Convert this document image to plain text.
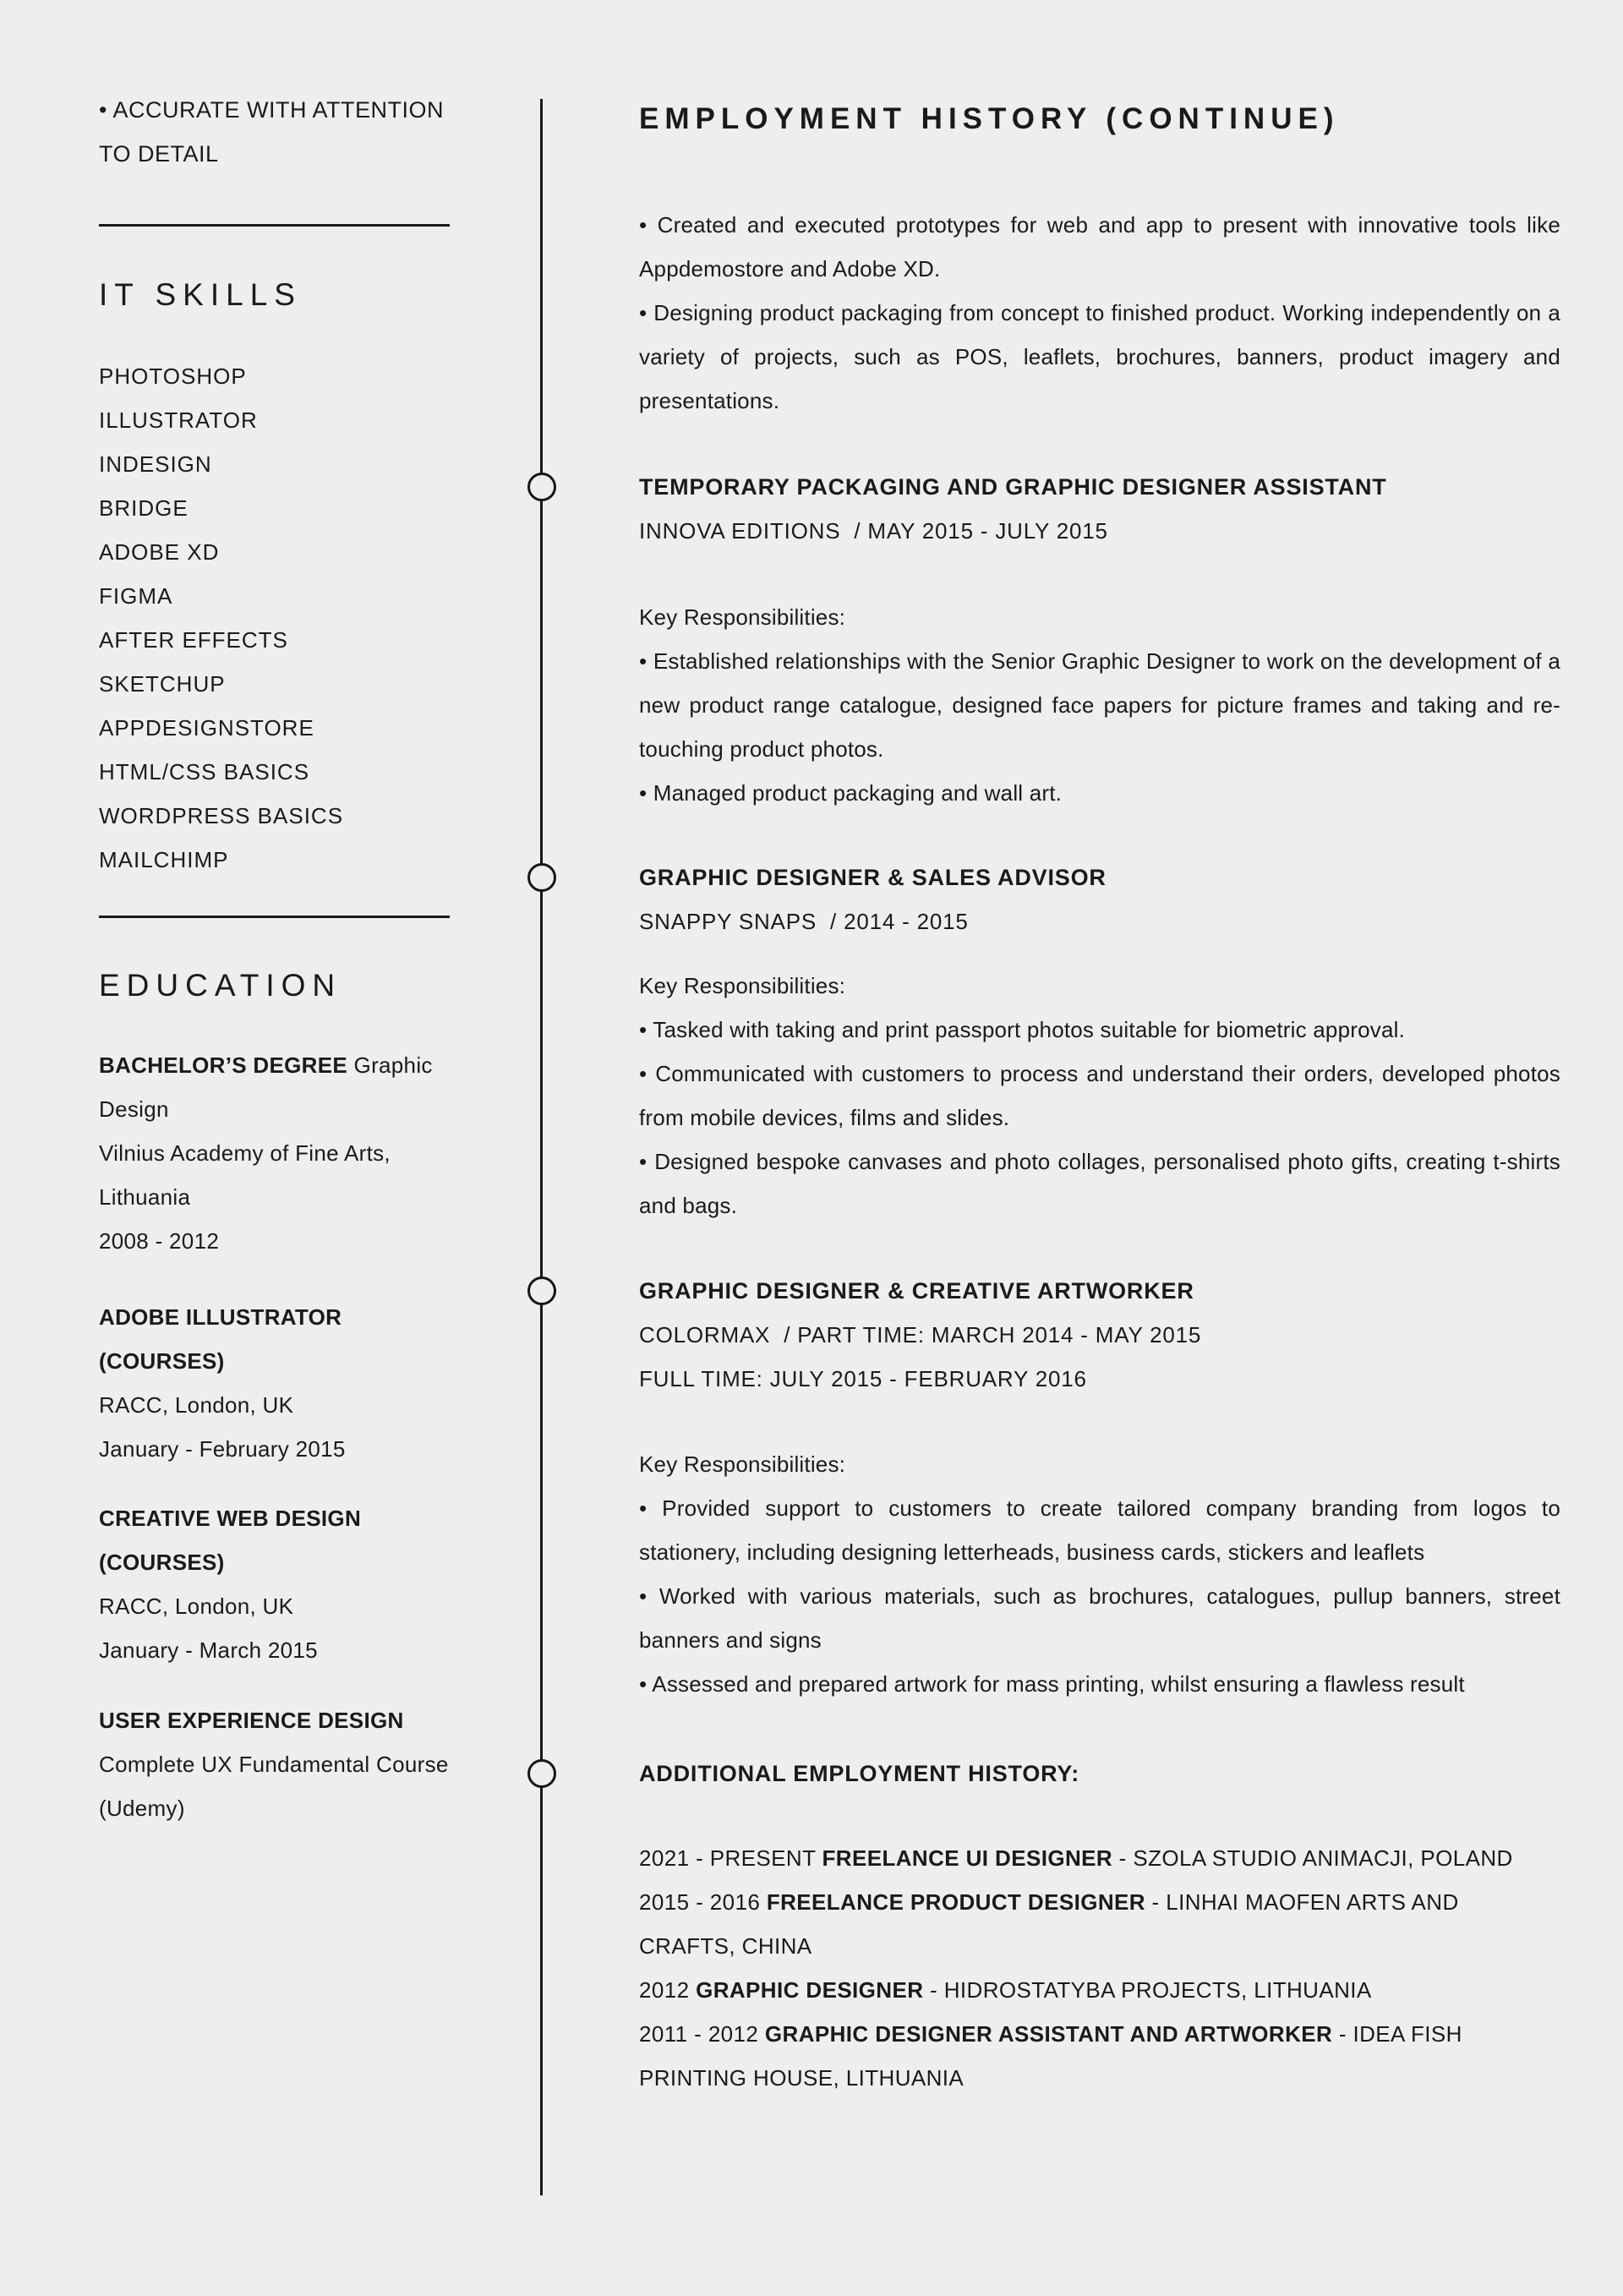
• ACCURATE WITH ATTENTION TO DETAIL
IT SKILLS
PHOTOSHOP
ILLUSTRATOR
INDESIGN
BRIDGE
ADOBE XD
FIGMA
AFTER EFFECTS
SKETCHUP
APPDESIGNSTORE
HTML/CSS BASICS
WORDPRESS BASICS
MAILCHIMP
EDUCATION
BACHELOR’S DEGREE Graphic Design
Vilnius Academy of Fine Arts, Lithuania
2008 - 2012
ADOBE ILLUSTRATOR (COURSES)
RACC, London, UK
January - February 2015
CREATIVE WEB DESIGN (COURSES)
RACC, London, UK
January - March 2015
USER EXPERIENCE DESIGN
Complete UX Fundamental Course (Udemy)
EMPLOYMENT HISTORY (CONTINUE)

• Created and executed prototypes for web and app to present with innovative tools like Appdemostore and Adobe XD.

• Designing product packaging from concept to finished product. Working independently on a variety of projects, such as POS, leaflets, brochures, banners, product imagery and presentations.

TEMPORARY PACKAGING AND GRAPHIC DESIGNER ASSISTANT
INNOVA EDITIONS  / MAY 2015 - JULY 2015
Key Responsibilities:

• Established relationships with the Senior Graphic Designer to work on the development of a new product range catalogue, designed face papers for picture frames and taking and re-touching product photos.

• Managed product packaging and wall art.

GRAPHIC DESIGNER & SALES ADVISOR
SNAPPY SNAPS  / 2014 - 2015
Key Responsibilities:

• Tasked with taking and print passport photos suitable for biometric approval.

• Communicated with customers to process and understand their orders, developed photos from mobile devices, films and slides.

• Designed bespoke canvases and photo collages, personalised photo gifts, creating t-shirts and bags.

GRAPHIC DESIGNER & CREATIVE ARTWORKER
COLORMAX  / PART TIME: MARCH 2014 - MAY 2015
FULL TIME: JULY 2015 - FEBRUARY 2016
Key Responsibilities:

• Provided support to customers to create tailored company branding from logos to stationery, including designing letterheads, business cards, stickers and leaflets

• Worked with various materials, such as brochures, catalogues, pullup banners, street banners and signs

• Assessed and prepared artwork for mass printing, whilst ensuring a flawless result

ADDITIONAL EMPLOYMENT HISTORY:
2021 - PRESENT FREELANCE UI DESIGNER - SZOLA STUDIO ANIMACJI, POLAND
2015 - 2016 FREELANCE PRODUCT DESIGNER - LINHAI MAOFEN ARTS AND CRAFTS, CHINA
2012 GRAPHIC DESIGNER - HIDROSTATYBA PROJECTS, LITHUANIA
2011 - 2012 GRAPHIC DESIGNER ASSISTANT AND ARTWORKER - IDEA FISH PRINTING HOUSE, LITHUANIA
